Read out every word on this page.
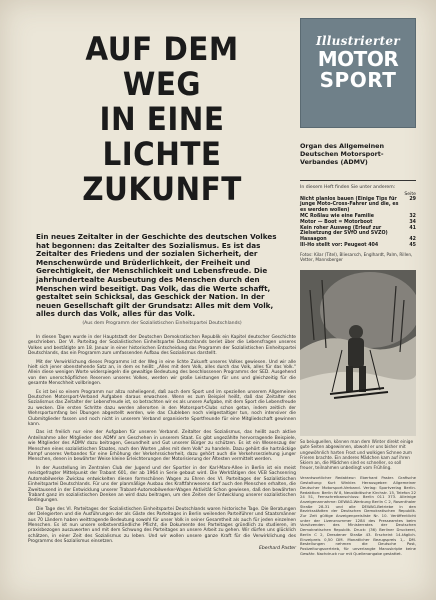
AUF DEM
WEG
IN EINE
LICHTE ZUKUNFT
Ein neues Zeitalter in der Geschichte des deutschen Volkes hat begonnen: das Zeitalter des Sozialismus. Es ist das Zeitalter des Friedens und der sozialen Sicherheit, der Menschenwürde und Brüderlichkeit, der Freiheit und Gerechtigkeit, der Menschlichkeit und Lebensfreude. Die jahrhundertealte Ausbeutung des Menschen durch den Menschen wird beseitigt. Das Volk, das die Werte schafft, gestaltet sein Schicksal, das Geschick der Nation. In der neuen Gesellschaft gilt der Grundsatz: Alles mit dem Volk, alles durch das Volk, alles für das Volk.
(Aus dem Programm der Sozialistischen Einheitspartei Deutschlands)

In diesen Tagen wurde in der Hauptstadt der Deutschen Demokratischen Republik ein Kapitel deutscher Geschichte geschrieben. Der VI. Parteitag der Sozialistischen Einheitspartei Deutschlands beriet über die Lebensfragen unseres Volkes und bestätigte am 18. Januar in einer historischen Entscheidung das Programm der Sozialistischen Einheitspartei Deutschlands, das ein Programm zum umfassenden Aufbau des Sozialismus darstellt.

Mit der Verwirklichung dieses Programms ist der Weg in eine lichte Zukunft unseres Volkes gewiesen. Und wir alle hielt sich jener obenstehende Satz an, in dem es heißt: „Alles mit dem Volk, alles durch das Volk, alles für das Volk." Allein diese wenigen Worte widerspiegeln die gewaltige Bedeutung des beschlossenen Programms der SED. Ausgehend von den unerschöpflichen Reserven unseres Volkes, werden wir große Leistungen für uns und gleichzeitig für die gesamte Menschheit vollbringen.

Es ist bei so einem Programm nur allzu naheliegend, daß auch dem Sport und im speziellen unserem Allgemeinen Deutschen Motorsport-Verband Aufgaben daraus erwachsen. Wenn es zum Beispiel heißt, daß das Zeitalter des Sozialismus das Zeitalter der Lebensfreude ist, so betrachten wir es als unsere Aufgabe, mit dem Sport die Lebensfreude zu wecken. Die ersten Schritte dazu werden allerorten in den Motorsport-Clubs schon getan, indem zeitlich der Wehrsportumfang bei Übungen abgestellt werden, wie das Clubleben noch vielgestaltiger tun, noch intensiver die Clubmitglieder fassen und noch nicht in unserem Verband organisierte Sportfreunde für eine Mitgliedschaft gewinnen kann.

Das ist freilich nur eine der Aufgaben für unseren Verband. Zeitalter des Sozialismus, das heißt auch aktive Anteilnahme aller Mitglieder des ADMV am Geschehen in unserem Staat. Es gibt ungezählte hervorragende Beispiele, wie Mitglieder des ADMV dazu beitragen, Gesundheit und Gut unserer Bürger zu schützen. Es ist ein Wesenszug der Menschen eines sozialistischen Staates, nach den Worten „alles mit dem Volk" zu handeln. Dazu gehört die hartnäckige Kampf unseres Verbandes für eine Erhöhung der Verkehrssicherheit, dazu gehört auch die Verkehrserziehung junger Menschen, denen in bewährter Weise kleine Erleichterungen der Motorisierung der Ältesten vermittelt werden.

In der Ausstellung im Zentralen Club der Jugend und der Sportler in der Karl-Marx-Allee in Berlin ist ein meist meistgefragter Mittelpunkt der Trabant 601, der ab 1964 in Serie gebaut wird. Die Werktätigen des VEB Sachsenring Automobilwerke Zwickau entwickelten diesen formschönen Wagen zu Ehren des VI. Parteitages der Sozialistischen Einheitspartei Deutschlands. Für uns der planmäßige Ausbau des Kraftfahrwesens darf auch den Menschen erhalten, die Zweitausend in der Entwicklung unserer Trabant-Automobilwerker-Wagen Aktivität Schon gewiesen, daß den bewährten Trabant ganz im sozialistischen Denken an wird dazu beitragen, um den Zeiten der Entwicklung unserer sozialistischen Bedingungen.

Die Tage des VI. Parteitages der Sozialistischen Einheitspartei Deutschlands waren historische Tage. Die Beratungen der Delegierten und die Ausführungen der als Gäste des Parteitages in Berlin weilenden Parteiführer und Staatsmänner aus 70 Ländern haben weittragende Bedeutung sowohl für unser Volk in seiner Gesamtheit als auch für jeden einzelnen Menschen. Es ist nun unsere selbstverständliche Pflicht, die Dokumente des Parteitages gründlich zu studieren, im praxisbezogen auszuwerten und mit dem Schwung des Parteitages an unsere Arbeit zu gehen. Wir dürfen uns glücklich schätzen, in einer Zeit des Sozialismus zu leben. Und wir wollen unsere ganze Kraft für die Verwirklichung des Programms des Sozialismus einsetzen.

Eberhard Paster
Illustrierter
MOTOR
SPORT
Organ des Allgemeinen Deutschen Motorsport-Verbandes (ADMV)
In diesem Heft finden Sie unter anderem:
Seite
Nicht planlos bauen (Einige Tips für junge Moto-Cross-Fahrer und die, es es werden wollen)
29
MC Roßlau wie eine Familie	32
Motor — Boot = Motorboot	34
Kein roher Ausweg (Erleuf zur Zielsetzung der SVfO und SVZO)
41
Hasaagon	42
Ill-Ho stellt vor: Peugeot 404	45
Fotos: Kilar (Titel), Bliesarsch, Englhardt, Palm, Rillen, Vetter, Mannsberger
So beiuguellen, können man dem Winter direkt einige gute Seiten abgewinnen, obwohl er uns bisher mit ungewöhnlich harten Frost und wolkigen Schnee zum Frieren brachte. Ein anderes Mädchen kam auf ihren Skiern an, die Mädchen sind es schneller, so soll freuer, teilnahmen unbedingt vom Frühling.
Verantwortlicher Redakteur: Eberhard Paster. Grafische Gestaltung: Kurt Winkler. Herausgeber: Allgemeiner Deutscher Motorsport-Verband. Verlag: Sportverlag Berlin. Redaktion: Berlin W 8, Neustädtische Kirchstr. 15, Telefon 22 24 51, Fernschreibanschluss: Berlin 011 373. Alleinige Anzeigenannahme: DEWAG-Werbung Berlin C 2, Rosenthaler Straße 28-31 und alle DEWAG-Betriebe in den Bezirksstädten der Deutschen Demokratischen Republik. Zur Zeit gültige Anzeigenpreisliste Nr. 10. Veröffentlicht unter der Lizenznummer 1284 des Presseamtes beim Vorsitzenden des Ministerrates der Deutschen Demokratischen Republik. Druck: (36) Berliner Druckerei, Berlin C 2, Dresdener Straße 43. Erscheint 14-täglich. Einzelpreis 0,50 DM. Monatlicher Bezugspreis 1,- DM. Bestellungen nehmen die Deutsche Post, Postzeitungsvertrieb, für unverlangte Manuskripte keine Gewähr. Nachdruck nur mit Quellenangabe gestattet.
